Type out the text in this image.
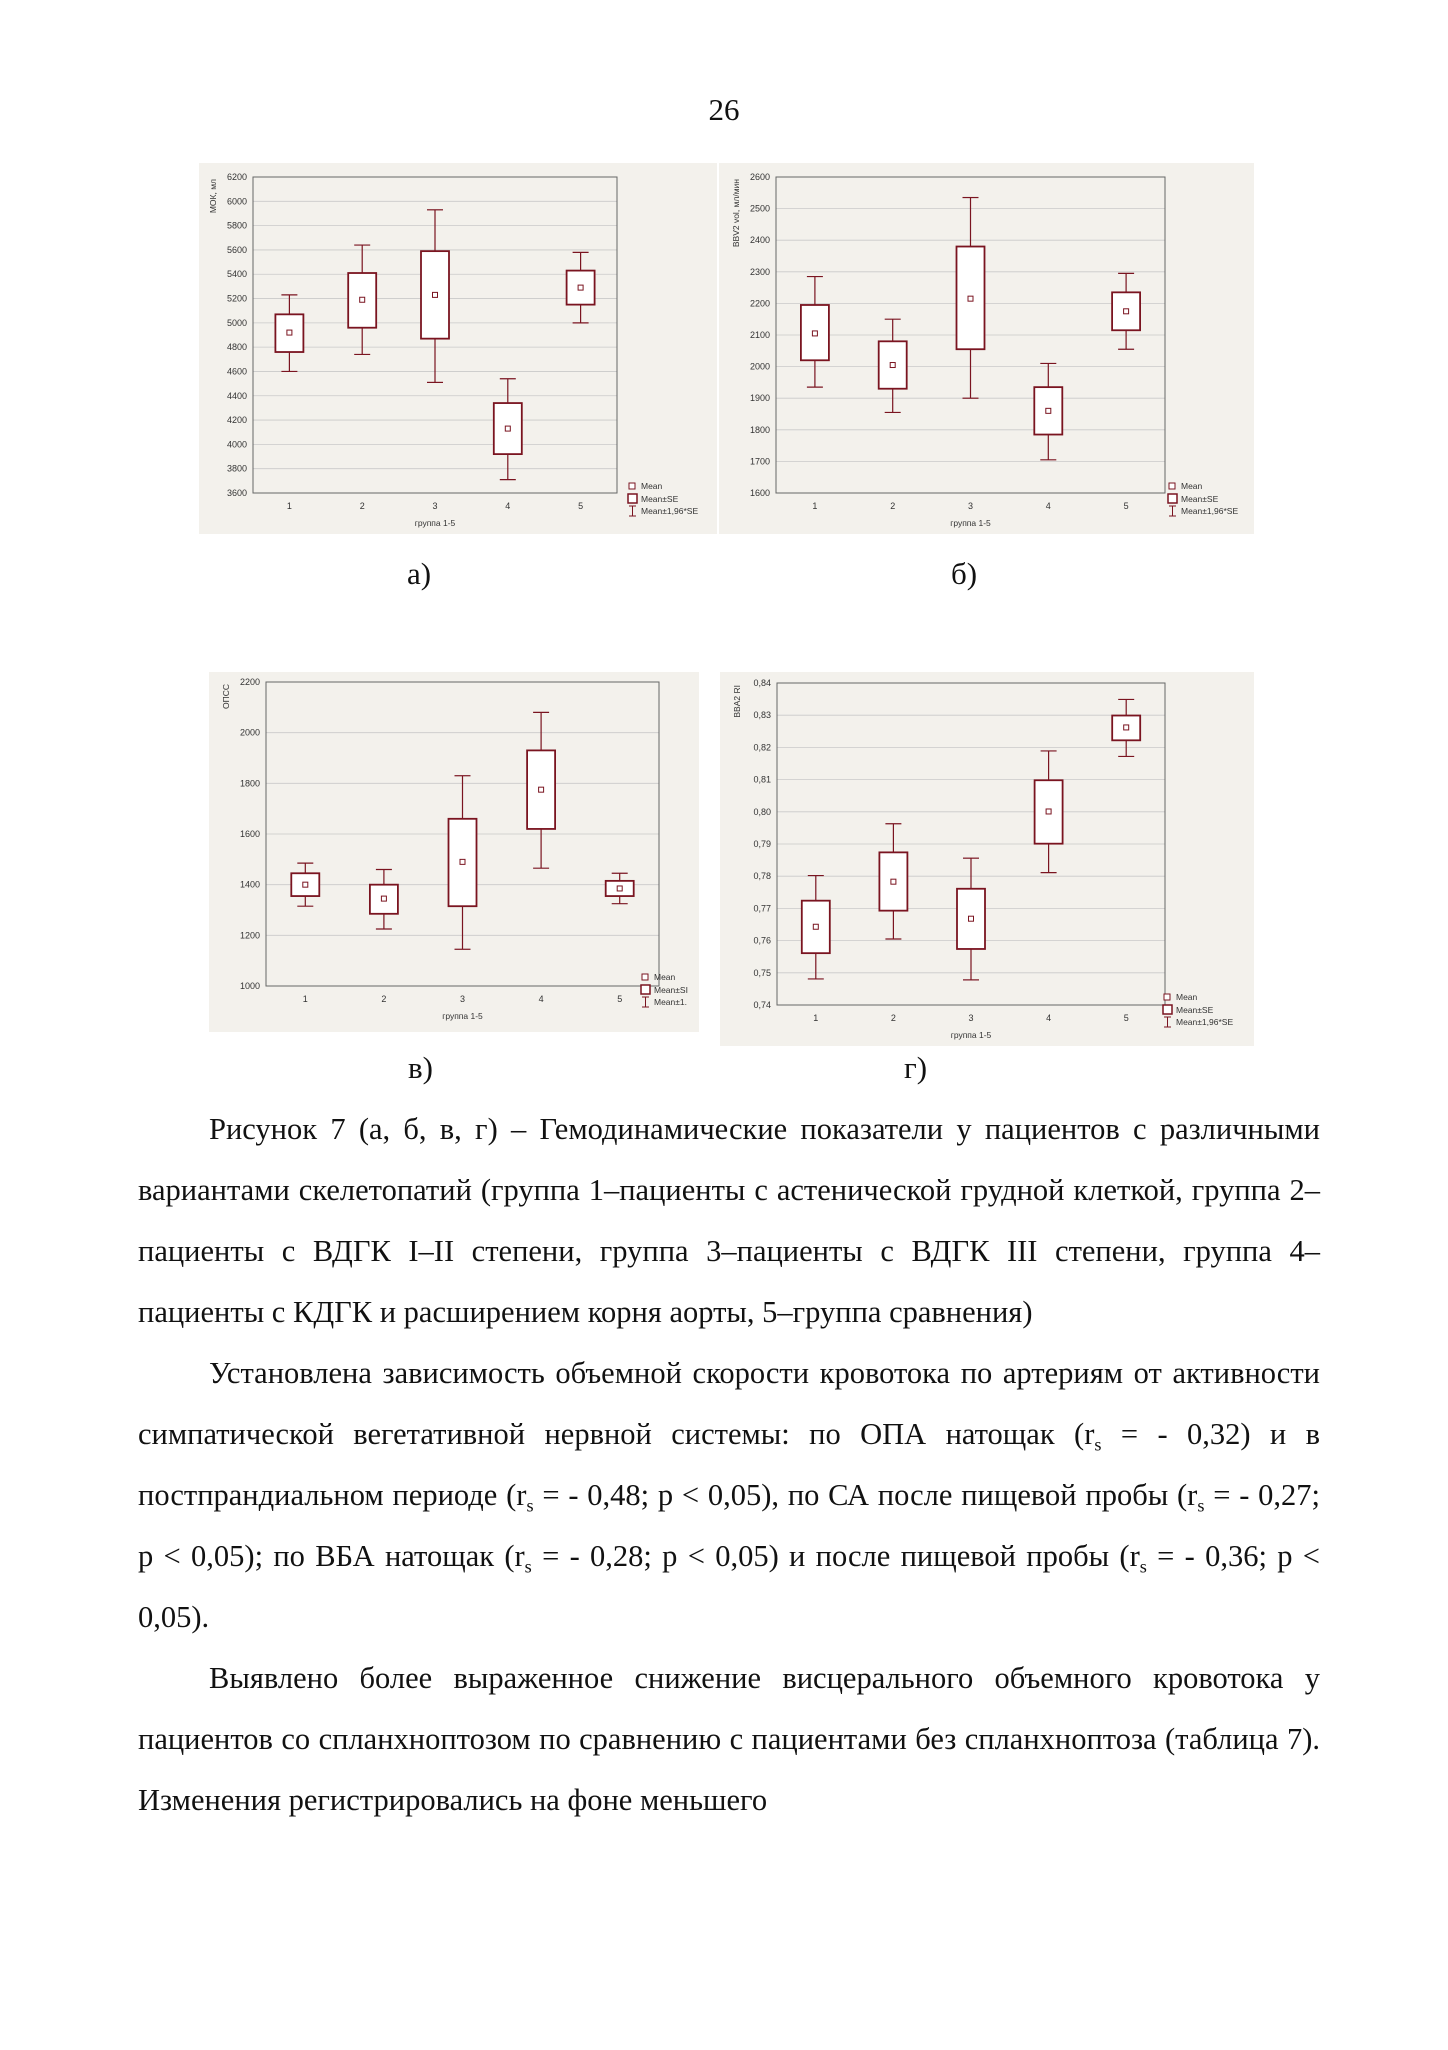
26
3600
3800
4000
4200
4400
4600
4800
5000
5200
5400
5600
5800
6000
6200
МОК, мл
группа 1-5
1	2	3	4	5
Mean
Mean±SE
Mean±1,96*SE
а)
1600
1700
1800
1900
2000
2100
2200
2300
2400
2500
2600
BBV2 vol, мл/мин
группа 1-5
1	2	3	4	5
Mean
Mean±SE
Mean±1,96*SE
б)
1000
1200
1400
1600
1800
2000
2200
ОПСС
группа 1-5
1	2	3	4	5
Mean
Mean±SI
Mean±1.
в)
0,74
0,75
0,76
0,77
0,78
0,79
0,80
0,81
0,82
0,83
0,84
BBA2 RI
группа 1-5
1	2	3	4	5
Mean
Mean±SE
Mean±1,96*SE
г)

Рисунок 7 (а, б, в, г) – Гемодинамические показатели у пациентов с различными вариантами скелетопатий (группа 1–пациенты с астенической грудной клеткой, группа 2–пациенты с ВДГК I–II степени, группа 3–пациенты с ВДГК III степени, группа 4– пациенты с КДГК и расширением корня аорты, 5–группа сравнения)

Установлена зависимость объемной скорости кровотока по артериям от активности симпатической вегетативной нервной системы: по ОПА натощак ($r_s$ = - 0,32) и в постпрандиальном периоде ($r_s$ = - 0,48; р < 0,05), по СА после пищевой пробы ($r_s$ = - 0,27; р < 0,05); по ВБА натощак ($r_s$ = - 0,28; р < 0,05) и после пищевой пробы ($r_s$ = - 0,36; р < 0,05).

Выявлено более выраженное снижение висцерального объемного кровотока у пациентов со спланхноптозом по сравнению с пациентами без спланхноптоза (таблица 7). Изменения регистрировались на фоне меньшего
